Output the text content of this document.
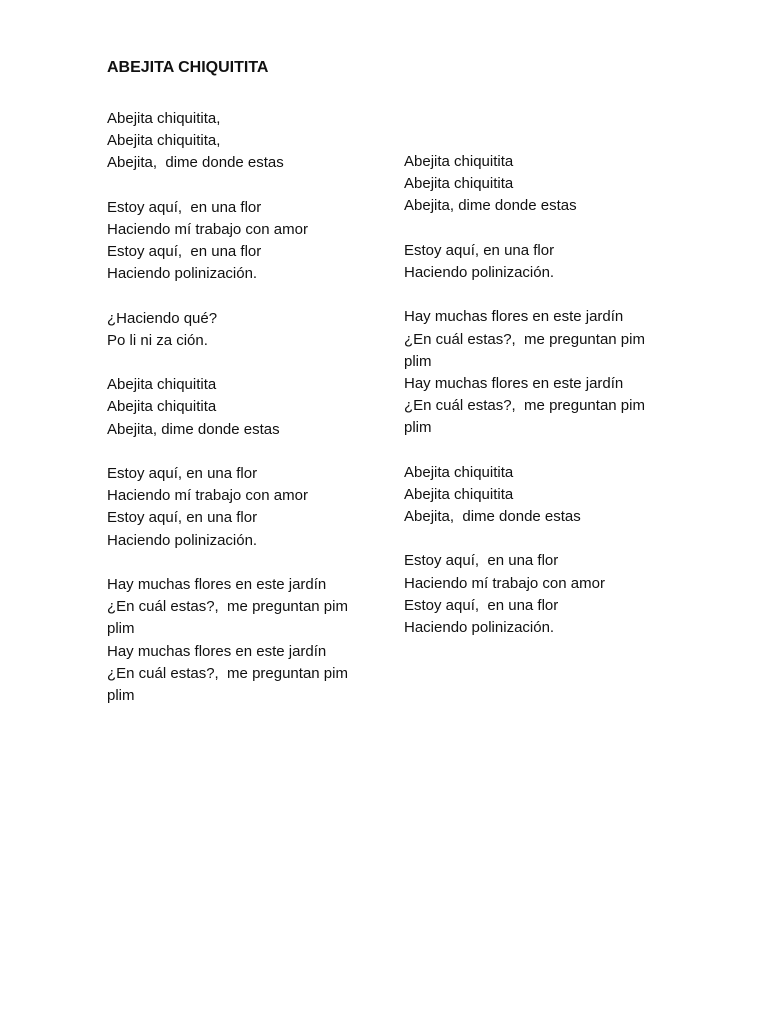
ABEJITA CHIQUITITA
Abejita chiquitita,
Abejita chiquitita,
Abejita,  dime donde estas
Estoy aquí,  en una flor
Haciendo mí trabajo con amor
Estoy aquí,  en una flor
Haciendo polinización.
¿Haciendo qué?
Po li ni za ción.
Abejita chiquitita
Abejita chiquitita
Abejita, dime donde estas
Estoy aquí, en una flor
Haciendo mí trabajo con amor
Estoy aquí, en una flor
Haciendo polinización.
Hay muchas flores en este jardín
¿En cuál estas?,  me preguntan pim
plim
Hay muchas flores en este jardín
¿En cuál estas?,  me preguntan pim
plim
Abejita chiquitita
Abejita chiquitita
Abejita, dime donde estas
Estoy aquí, en una flor
Haciendo polinización.
Hay muchas flores en este jardín
¿En cuál estas?,  me preguntan pim
plim
Hay muchas flores en este jardín
¿En cuál estas?,  me preguntan pim
plim
Abejita chiquitita
Abejita chiquitita
Abejita,  dime donde estas
Estoy aquí,  en una flor
Haciendo mí trabajo con amor
Estoy aquí,  en una flor
Haciendo polinización.
